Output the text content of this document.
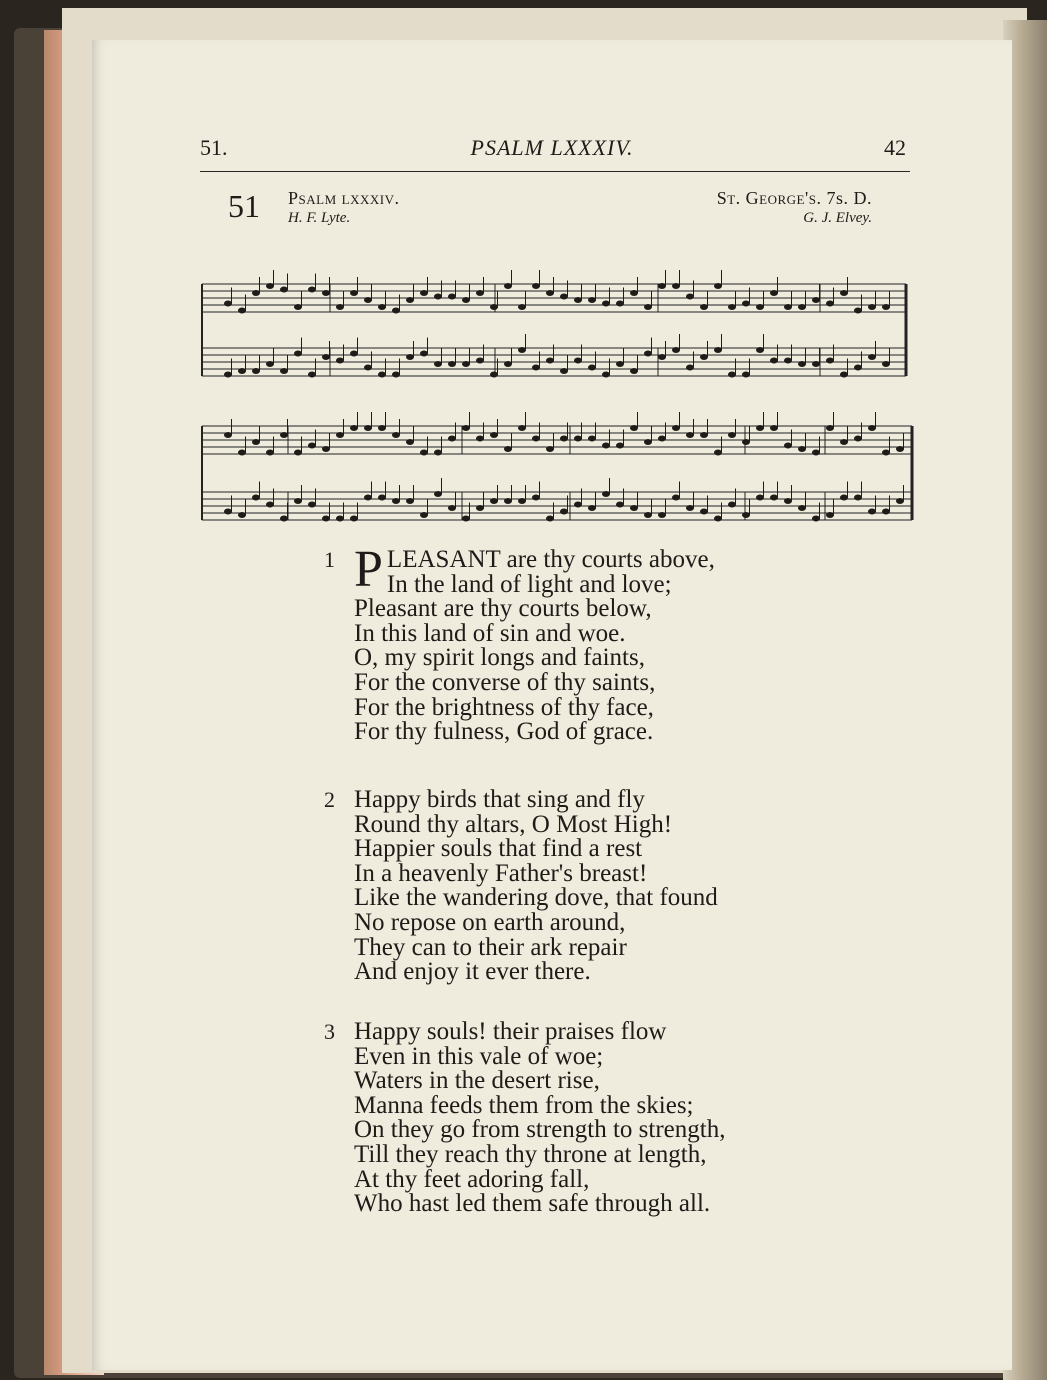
51.	PSALM LXXXIV.	42
51 Psalm lxxxiv.	St. George's. 7s. D.
H. F. Lyte.	G. J. Elvey.
1 P LEASANT are thy courts above,
In the land of light and love;
Pleasant are thy courts below,
In this land of sin and woe.
O, my spirit longs and faints,
For the converse of thy saints,
For the brightness of thy face,
For thy fulness, God of grace.
2 Happy birds that sing and fly
Round thy altars, O Most High!
Happier souls that find a rest
In a heavenly Father's breast!
Like the wandering dove, that found
No repose on earth around,
They can to their ark repair
And enjoy it ever there.
3 Happy souls! their praises flow
Even in this vale of woe;
Waters in the desert rise,
Manna feeds them from the skies;
On they go from strength to strength,
Till they reach thy throne at length,
At thy feet adoring fall,
Who hast led them safe through all.
